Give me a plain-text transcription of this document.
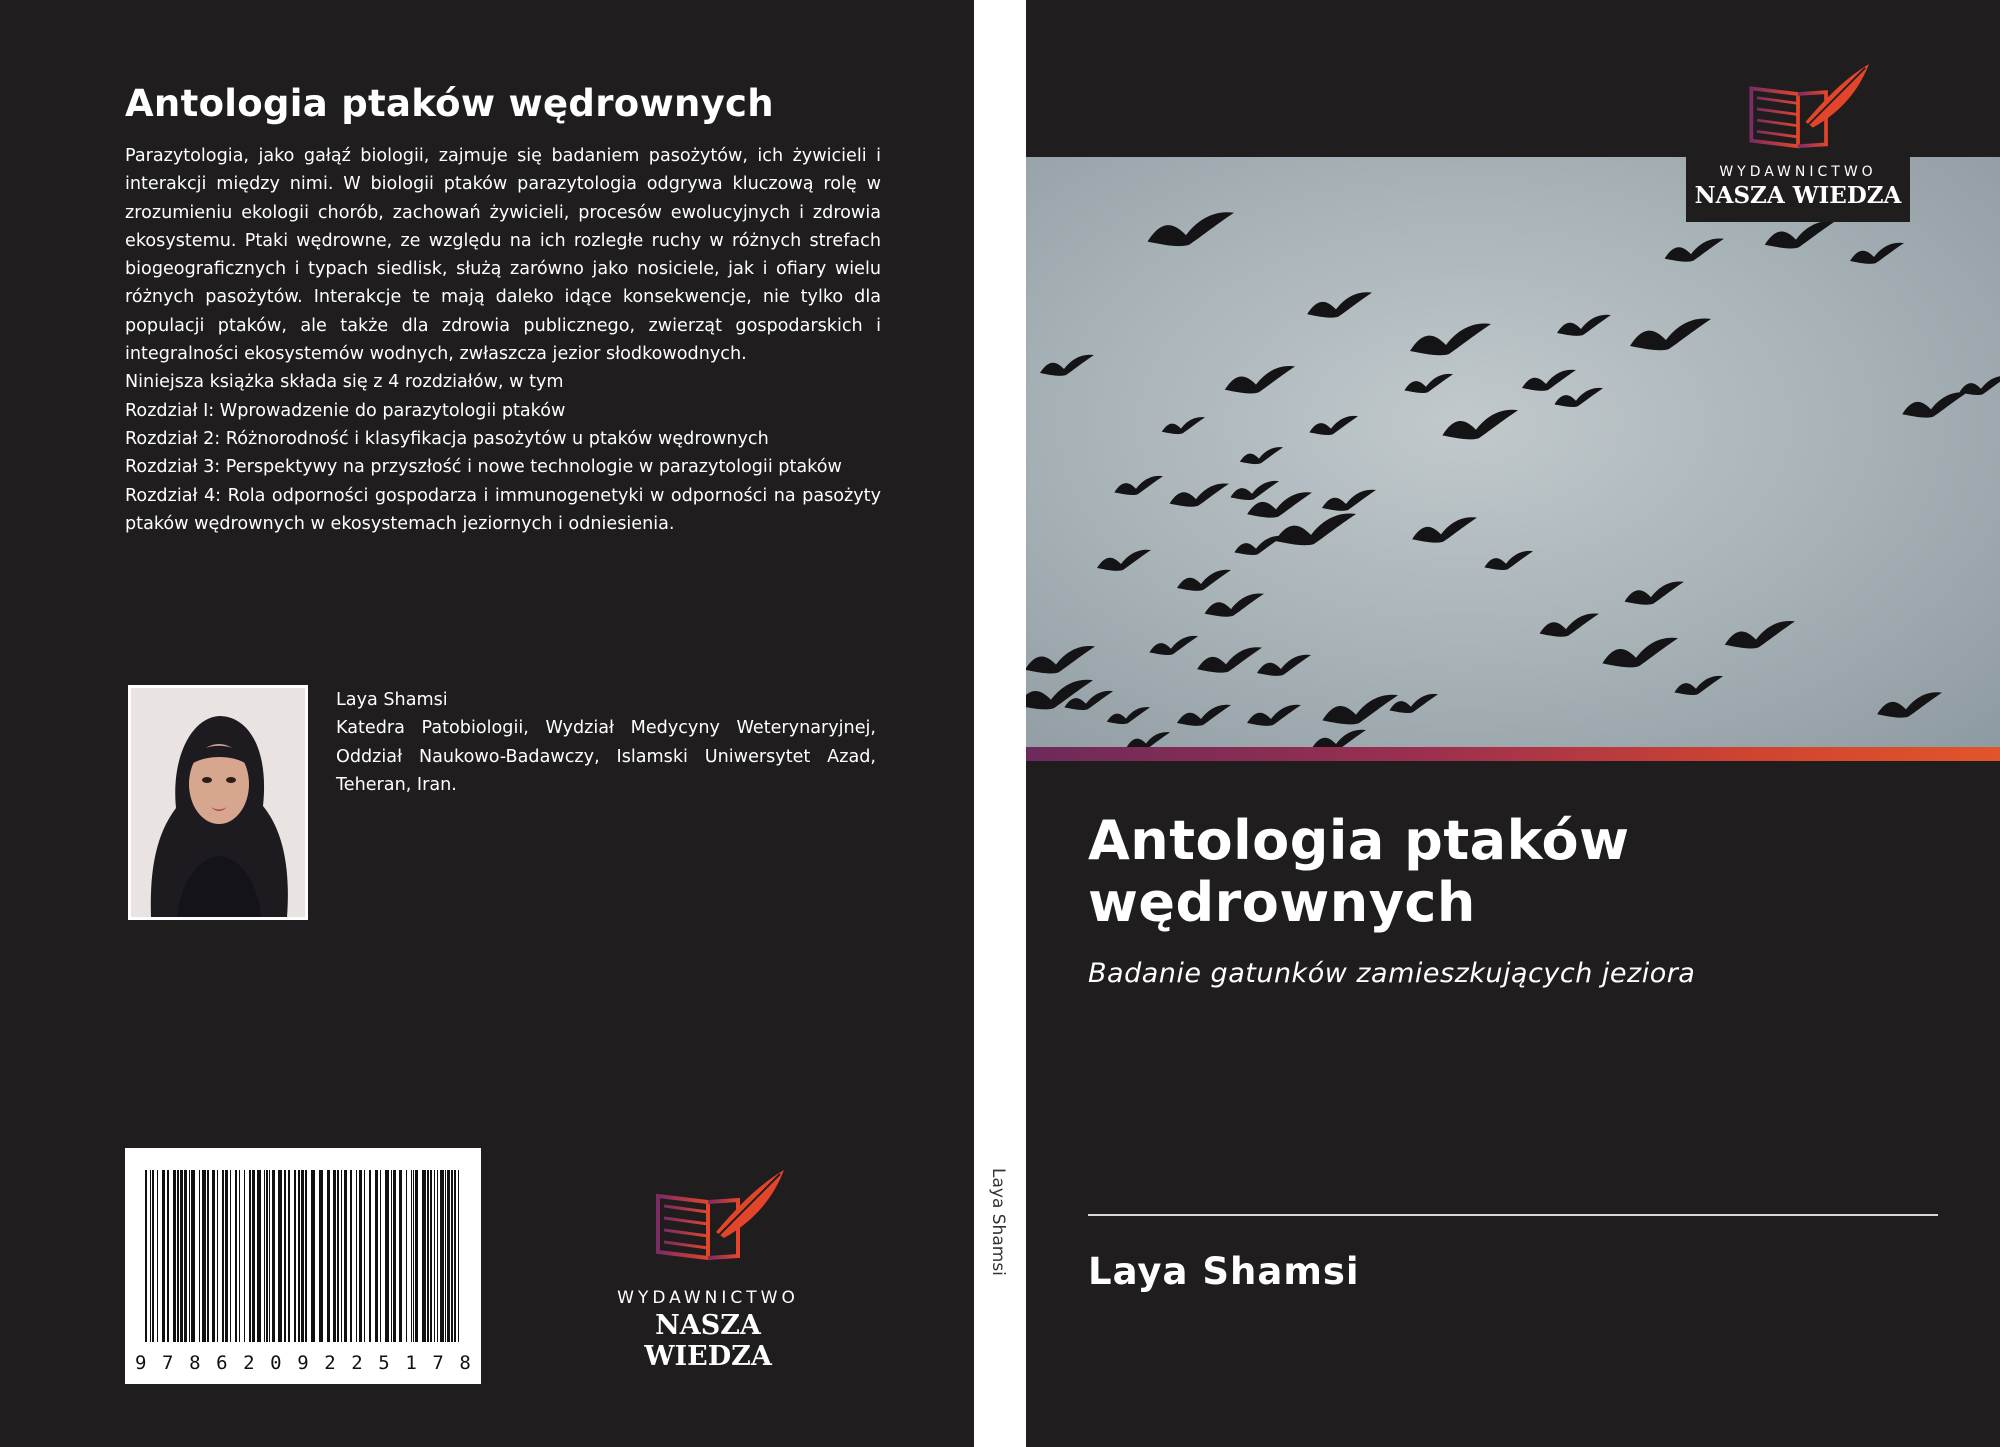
Antologia ptaków wędrownych

Parazytologia, jako gałąź biologii, zajmuje się badaniem pasożytów, ich żywicieli i interakcji między nimi. W biologii ptaków parazytologia odgrywa kluczową rolę w zrozumieniu ekologii chorób, zachowań żywicieli, procesów ewolucyjnych i zdrowia ekosystemu. Ptaki wędrowne, ze względu na ich rozległe ruchy w różnych strefach biogeograficznych i typach siedlisk, służą zarówno jako nosiciele, jak i ofiary wielu różnych pasożytów. Interakcje te mają daleko idące konsekwencje, nie tylko dla populacji ptaków, ale także dla zdrowia publicznego, zwierząt gospodarskich i integralności ekosystemów wodnych, zwłaszcza jezior słodkowodnych.

Niniejsza książka składa się z 4 rozdziałów, w tym

Rozdział I: Wprowadzenie do parazytologii ptaków

Rozdział 2: Różnorodność i klasyfikacja pasożytów u ptaków wędrownych

Rozdział 3: Perspektywy na przyszłość i nowe technologie w parazytologii ptaków

Rozdział 4: Rola odporności gospodarza i immunogenetyki w odporności na pasożyty ptaków wędrownych w ekosystemach jeziornych i odniesienia.

Laya Shamsi
Katedra Patobiologii, Wydział Medycyny Weterynaryjnej, Oddział Naukowo-Badawczy, Islamski Uniwersytet Azad, Teheran, Iran.
9 7 8 6 2 0 9 2 2 5 1 7 8
WYDAWNICTWO
NASZA WIEDZA
Laya Shamsi
WYDAWNICTWO
NASZA WIEDZA
Antologia ptaków wędrownych

Badanie gatunków zamieszkujących jeziora

Laya Shamsi
